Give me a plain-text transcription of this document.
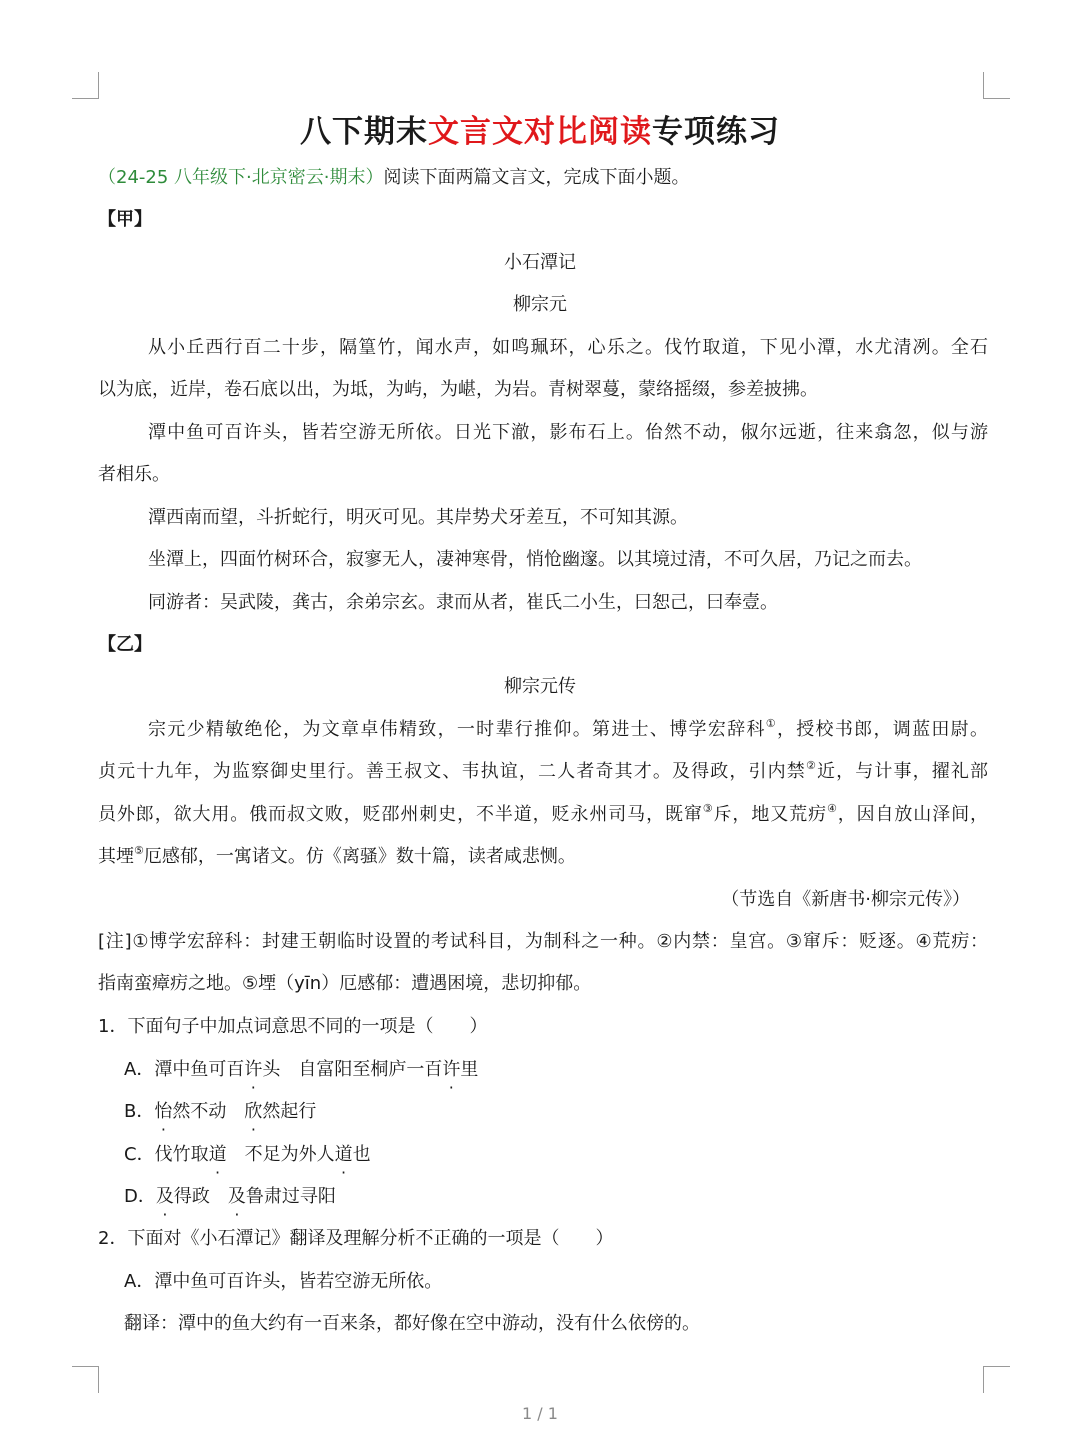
八下期末文言文对比阅读专项练习
（24-25 八年级下·北京密云·期末）阅读下面两篇文言文，完成下面小题。
【甲】
小石潭记
柳宗元
从小丘西行百二十步，隔篁竹，闻水声，如鸣珮环，心乐之。伐竹取道，下见小潭，水尤清冽。全石
以为底，近岸，卷石底以出，为坻，为屿，为嵁，为岩。青树翠蔓，蒙络摇缀，参差披拂。
潭中鱼可百许头，皆若空游无所依。日光下澈，影布石上。佁然不动，俶尔远逝，往来翕忽，似与游
者相乐。
潭西南而望，斗折蛇行，明灭可见。其岸势犬牙差互，不可知其源。
坐潭上，四面竹树环合，寂寥无人，凄神寒骨，悄怆幽邃。以其境过清，不可久居，乃记之而去。
同游者：吴武陵，龚古，余弟宗玄。隶而从者，崔氏二小生，曰恕己，曰奉壹。
【乙】
柳宗元传
宗元少精敏绝伦，为文章卓伟精致，一时辈行推仰。第进士、博学宏辞科①，授校书郎，调蓝田尉。
贞元十九年，为监察御史里行。善王叔文、韦执谊，二人者奇其才。及得政，引内禁②近，与计事，擢礼部
员外郎，欲大用。俄而叔文败，贬邵州刺史，不半道，贬永州司马，既窜③斥，地又荒疠④，因自放山泽间，
其堙⑤厄感郁，一寓诸文。仿《离骚》数十篇，读者咸悲恻。
（节选自《新唐书·柳宗元传》）
[注]①博学宏辞科：封建王朝临时设置的考试科目，为制科之一种。②内禁：皇宫。③窜斥：贬逐。④荒疠：
指南蛮瘴疠之地。⑤堙（yīn）厄感郁：遭遇困境，悲切抑郁。
1．下面句子中加点词意思不同的一项是（　　）
A．潭中鱼可百许头　自富阳至桐庐一百许里
B．怡然不动　欣然起行
C．伐竹取道　不足为外人道也
D．及得政　及鲁肃过寻阳
2．下面对《小石潭记》翻译及理解分析不正确的一项是（　　）
A．潭中鱼可百许头，皆若空游无所依。
翻译：潭中的鱼大约有一百来条，都好像在空中游动，没有什么依傍的。
1 / 1
